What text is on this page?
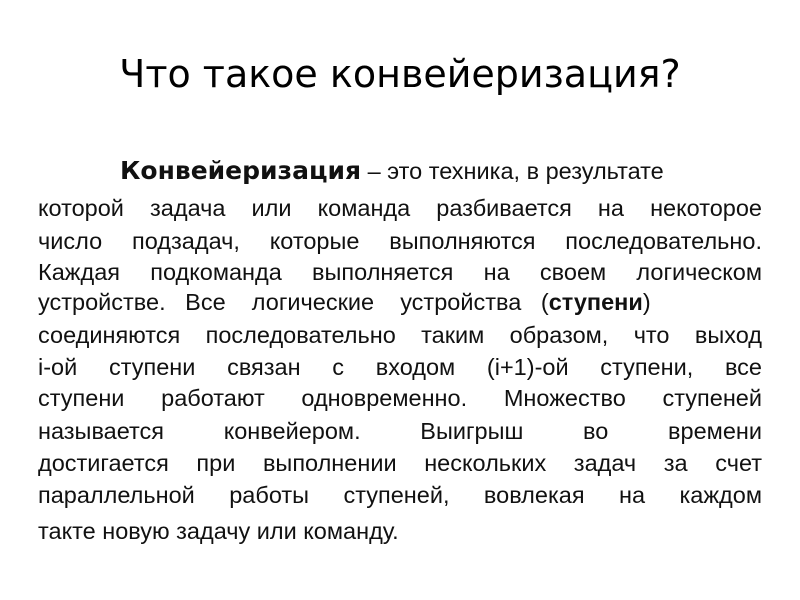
Что такое конвейеризация?
Конвейеризация – это техника, в результате
которой задача или команда разбивается на некоторое
число подзадач, которые выполняются последовательно.
Каждая подкоманда выполняется на своем логическом
устройстве.   Все    логические    устройства   (ступени)
соединяются последовательно таким образом, что выход
i-ой ступени связан с входом (i+1)-ой ступени, все
ступени работают одновременно. Множество ступеней
называется конвейером. Выигрыш во времени
достигается при выполнении нескольких задач за счет
параллельной работы ступеней, вовлекая на каждом
такте новую задачу или команду.
